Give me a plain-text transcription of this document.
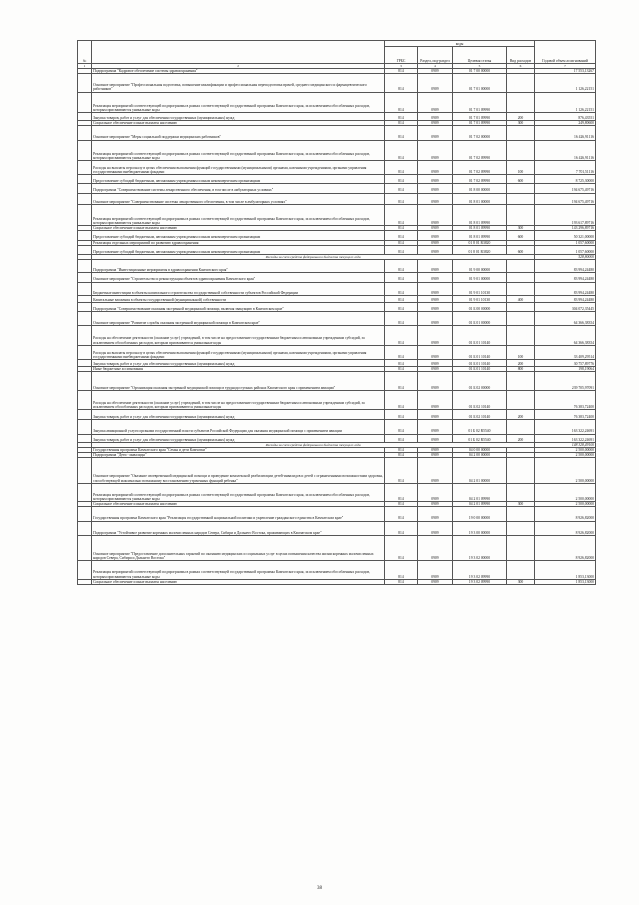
№		коды				Годовой объем ассигнований
		ГРБС	Раздел, под-раздел	Целевая статья	Вид расходов	
1	2	3	4	5	6	7
	Подпрограмма "Кадровое обеспечение системы здравоохранения"	814	0909	01 7 00 00000		17 553,13267
	Основное мероприятие "Профессиональная подготовка, повышение квалификации и профессиональная переподготовка врачей, среднего медицинского и фармацевтического работников"	814	0909	01 7 01 00000		1 126,22151
	Реализация мероприятий соответствующей подпрограммы в рамках соответствующей государственной программы Камчатского края, за исключением обособленных расходов, которым присваиваются уникальные коды	814	0909	01 7 01 09990		1 126,22151
	Закупка товаров, работ и услуг для обеспечения государственных (муниципальных) нужд	814	0909	01 7 01 09990	200	876,43551
	Социальное обеспечение и иные выплаты населению	814	0909	01 7 01 09990	300	249,80600
	Основное мероприятие "Меры социальной поддержки медицинских работников"	814	0909	01 7 02 00000		16 426,91116
	Реализация мероприятий соответствующей подпрограммы в рамках соответствующей государственной программы Камчатского края, за исключением обособленных расходов, которым присваиваются уникальные коды	814	0909	01 7 02 09990		16 426,91116
	Расходы на выплаты персоналу в целях обеспечения выполнения функций государственными (муниципальными) органами, казенными учреждениями, органами управления государственными внебюджетными фондами	814	0909	01 7 02 09990	100	7 701,51116
	Предоставление субсидий бюджетным, автономным учреждениям и иным некоммерческим организациям	814	0909	01 7 02 09990	600	8 725,30000
	Подпрограмма "Совершенствование системы лекарственного обеспечения, в том числе в амбулаторных условиях"	814	0909	01 8 00 00000		194 675,49716
	Основное мероприятие "Совершенствование системы лекарственного обеспечения, в том числе в амбулаторных условиях"	814	0909	01 8 01 00000		194 675,49716
	Реализация мероприятий соответствующей подпрограммы в рамках соответствующей государственной программы Камчатского края, за исключением обособленных расходов, которым присваиваются уникальные коды	814	0909	01 8 01 09990		193 617,89716
	Социальное обеспечение и иные выплаты населению	814	0909	01 8 01 09990	300	143 296,89716
	Предоставление субсидий бюджетным, автономным учреждениям и иным некоммерческим организациям	814	0909	01 8 01 09990	600	50 321,00000
	Реализация отдельных мероприятий по развитию здравоохранения	814	0909	01 8 01 R3820		1 057,60000
	Предоставление субсидий бюджетным, автономным учреждениям и иным некоммерческим организациям	814	0909	01 8 01 R3820	600	1 057,60000
	Расходы за счет средств федерального бюджета текущего года					528,80000
	Подпрограмма "Инвестиционные мероприятия в здравоохранении Камчатского края"	814	0909	01 9 00 00000		83 994,24480
	Основное мероприятие "Строительство и реконструкция объектов здравоохранения Камчатского края"	814	0909	01 9 01 00000		83 994,24480
	Бюджетные инвестиции в объекты капитального строительства государственной собственности субъектов Российской Федерации	814	0909	01 9 01 10130		83 994,24480
	Капитальные вложения в объекты государственной (муниципальной) собственности	814	0909	01 9 01 10130	400	83 994,24480
	Подпрограмма "Совершенствование оказания экстренной медицинской помощи, включая эвакуацию в Камчатском крае"	814	0909	01 Б 00 00000		304 072,35445
	Основное мероприятие "Развитие службы оказания экстренной медицинской помощи в Камчатском крае"	814	0909	01 Б 01 00000		64 366,38354
	Расходы на обеспечение деятельности (оказание услуг) учреждений, в том числе на предоставление государственным бюджетным и автономным учреждениям субсидий, за исключением обособленных расходов, которым присваиваются уникальные коды	814	0909	01 Б 01 10140		64 366,38354
	Расходы на выплаты персоналу в целях обеспечения выполнения функций государственными (муниципальными) органами, казенными учреждениями, органами управления государственными внебюджетными фондами	814	0909	01 Б 01 10140	100	33 409,29514
	Закупка товаров, работ и услуг для обеспечения государственных (муниципальных) нужд	814	0909	01 Б 01 10140	200	30 757,89776
	Иные бюджетные ассигнования	814	0909	01 Б 01 10140	800	198,19064
	Основное мероприятие "Организация оказания экстренной медицинской помощи в труднодоступных районах Камчатского края с применением авиации"	814	0909	01 Б 02 00000		239 705,97091
	Расходы на обеспечение деятельности (оказание услуг) учреждений, в том числе на предоставление государственным бюджетным и автономным учреждениям субсидий, за исключением обособленных расходов, которым присваиваются уникальные коды	814	0909	01 Б 02 10140		76 383,72400
	Закупка товаров, работ и услуг для обеспечения государственных (муниципальных) нужд	814	0909	01 Б 02 10140	200	76 383,72400
	Закупка авиационной услуги органами государственной власти субъектов Российской Федерации для оказания медицинской помощи с применением авиации	814	0909	01 Б 02 R5540		163 322,24691
	Закупка товаров, работ и услуг для обеспечения государственных (муниципальных) нужд	814	0909	01 Б 02 R5540	200	163 322,24691
	Расходы за счет средств федерального бюджета текущего года					148 328,49100
	Государственная программа Камчатского края "Семья и дети Камчатки"	814	0909	04 0 00 00000		2 500,00000
	Подпрограмма "Дети - инвалиды"	814	0909	04 2 00 00000		2 500,00000
	Основное мероприятие "Оказание своевременной медицинской помощи и проведение комплексной реабилитации детей-инвалидов и детей с ограниченными возможностями здоровья, способствующей максимально возможному восстановлению утраченных функций ребенка"	814	0909	04 2 01 00000		2 500,00000
	Реализация мероприятий соответствующей подпрограммы в рамках соответствующей государственной программы Камчатского края, за исключением обособленных расходов, которым присваиваются уникальные коды	814	0909	04 2 01 09990		2 500,00000
	Социальное обеспечение и иные выплаты населению	814	0909	04 2 01 09990	300	2 500,00000
	Государственная программа Камчатского края "Реализация государственной национальной политики и укрепление гражданского единства в Камчатском крае"	814	0909	19 0 00 00000		8 926,82000
	Подпрограмма "Устойчивое развитие коренных малочисленных народов Севера, Сибири и Дальнего Востока, проживающих в Камчатском крае"	814	0909	19 3 00 00000		8 926,82000
	Основное мероприятие "Предоставление дополнительных гарантий по оказанию медицинских и социальных услуг в целях повышения качества жизни коренных малочисленных народов Севера, Сибири и Дальнего Востока"	814	0909	19 3 02 00000		8 926,82000
	Реализация мероприятий соответствующей подпрограммы в рамках соответствующей государственной программы Камчатского края, за исключением обособленных расходов, которым присваиваются уникальные коды	814	0909	19 3 02 09990		1 853,13000
	Социальное обеспечение и иные выплаты населению	814	0909	19 3 02 09990	300	1 853,13000
38
